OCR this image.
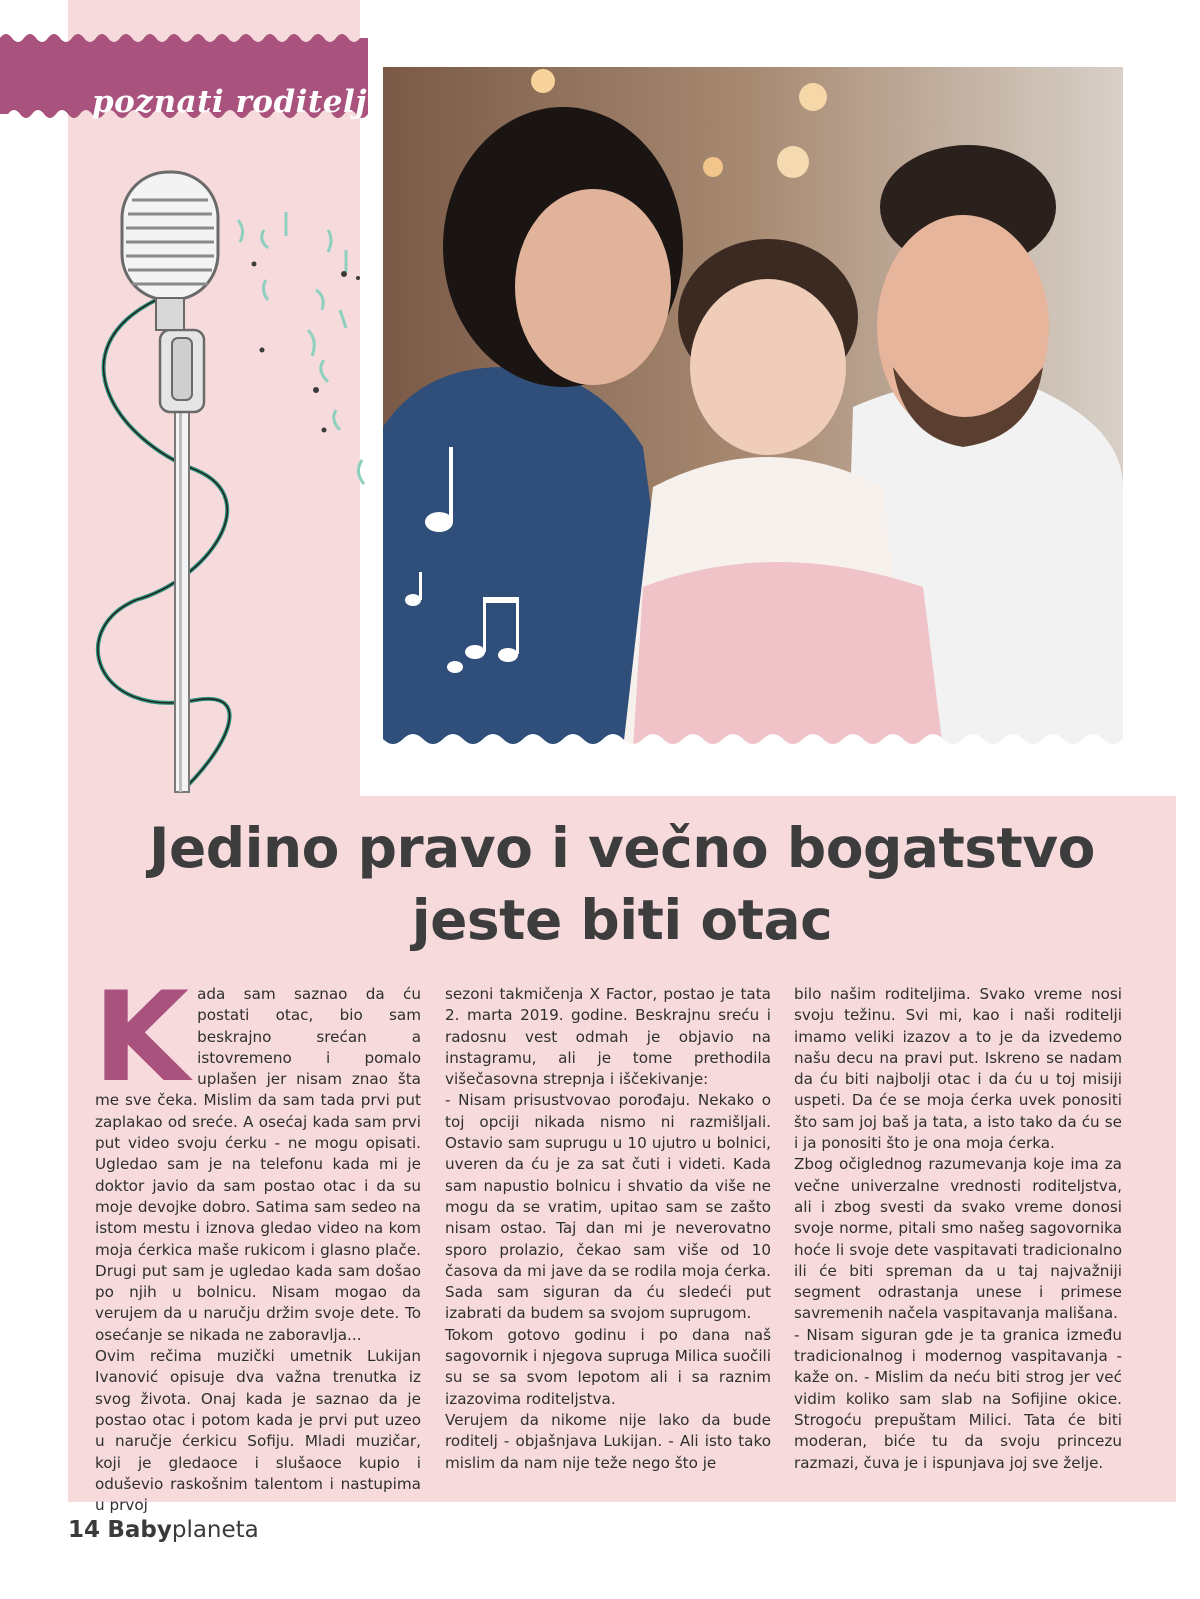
poznati roditelj
Jedino pravo i večno bogatstvo
jeste biti otac
K ada sam saznao da ću postati otac, bio sam beskrajno srećan a istovremeno i pomalo uplašen jer nisam znao šta me sve čeka. Mislim da sam tada prvi put zaplakao od sreće. A osećaj kada sam prvi put video svoju ćerku - ne mogu opisati. Ugledao sam je na telefonu kada mi je doktor javio da sam postao otac i da su moje devojke dobro. Satima sam sedeo na istom mestu i iznova gledao video na kom moja ćerkica maše rukicom i glasno plače. Drugi put sam je ugledao kada sam došao po njih u bolnicu. Nisam mogao da verujem da u naručju držim svoje dete. To osećanje se nikada ne zaboravlja...

Ovim rečima muzički umetnik Lukijan Ivanović opisuje dva važna trenutka iz svog života. Onaj kada je saznao da je postao otac i potom kada je prvi put uzeo u naručje ćerkicu Sofiju. Mladi muzičar, koji je gledaoce i slušaoce kupio i oduševio raskošnim talentom i nastupima u prvoj

sezoni takmičenja X Factor, postao je tata 2. marta 2019. godine. Beskrajnu sreću i radosnu vest odmah je objavio na instagramu, ali je tome prethodila višečasovna strepnja i iščekivanje:

- Nisam prisustvovao porođaju. Nekako o toj opciji nikada nismo ni razmišljali. Ostavio sam suprugu u 10 ujutro u bolnici, uveren da ću je za sat čuti i videti. Kada sam napustio bolnicu i shvatio da više ne mogu da se vratim, upitao sam se zašto nisam ostao. Taj dan mi je neverovatno sporo prolazio, čekao sam više od 10 časova da mi jave da se rodila moja ćerka. Sada sam siguran da ću sledeći put izabrati da budem sa svojom suprugom.

Tokom gotovo godinu i po dana naš sagovornik i njegova supruga Milica suočili su se sa svom lepotom ali i sa raznim izazovima roditeljstva.

Verujem da nikome nije lako da bude roditelj - objašnjava Lukijan. - Ali isto tako mislim da nam nije teže nego što je

bilo našim roditeljima. Svako vreme nosi svoju težinu. Svi mi, kao i naši roditelji imamo veliki izazov a to je da izvedemo našu decu na pravi put. Iskreno se nadam da ću biti najbolji otac i da ću u toj misiji uspeti. Da će se moja ćerka uvek ponositi što sam joj baš ja tata, a isto tako da ću se i ja ponositi što je ona moja ćerka.

Zbog očiglednog razumevanja koje ima za večne univerzalne vrednosti roditeljstva, ali i zbog svesti da svako vreme donosi svoje norme, pitali smo našeg sagovornika hoće li svoje dete vaspitavati tradicionalno ili će biti spreman da u taj najvažniji segment odrastanja unese i primese savremenih načela vaspitavanja mališana.

- Nisam siguran gde je ta granica između tradicionalnog i modernog vaspitavanja - kaže on. - Mislim da neću biti strog jer već vidim koliko sam slab na Sofijine okice. Strogoću prepuštam Milici. Tata će biti moderan, biće tu da svoju princezu razmazi, čuva je i ispunjava joj sve želje.

14 Babyplaneta
